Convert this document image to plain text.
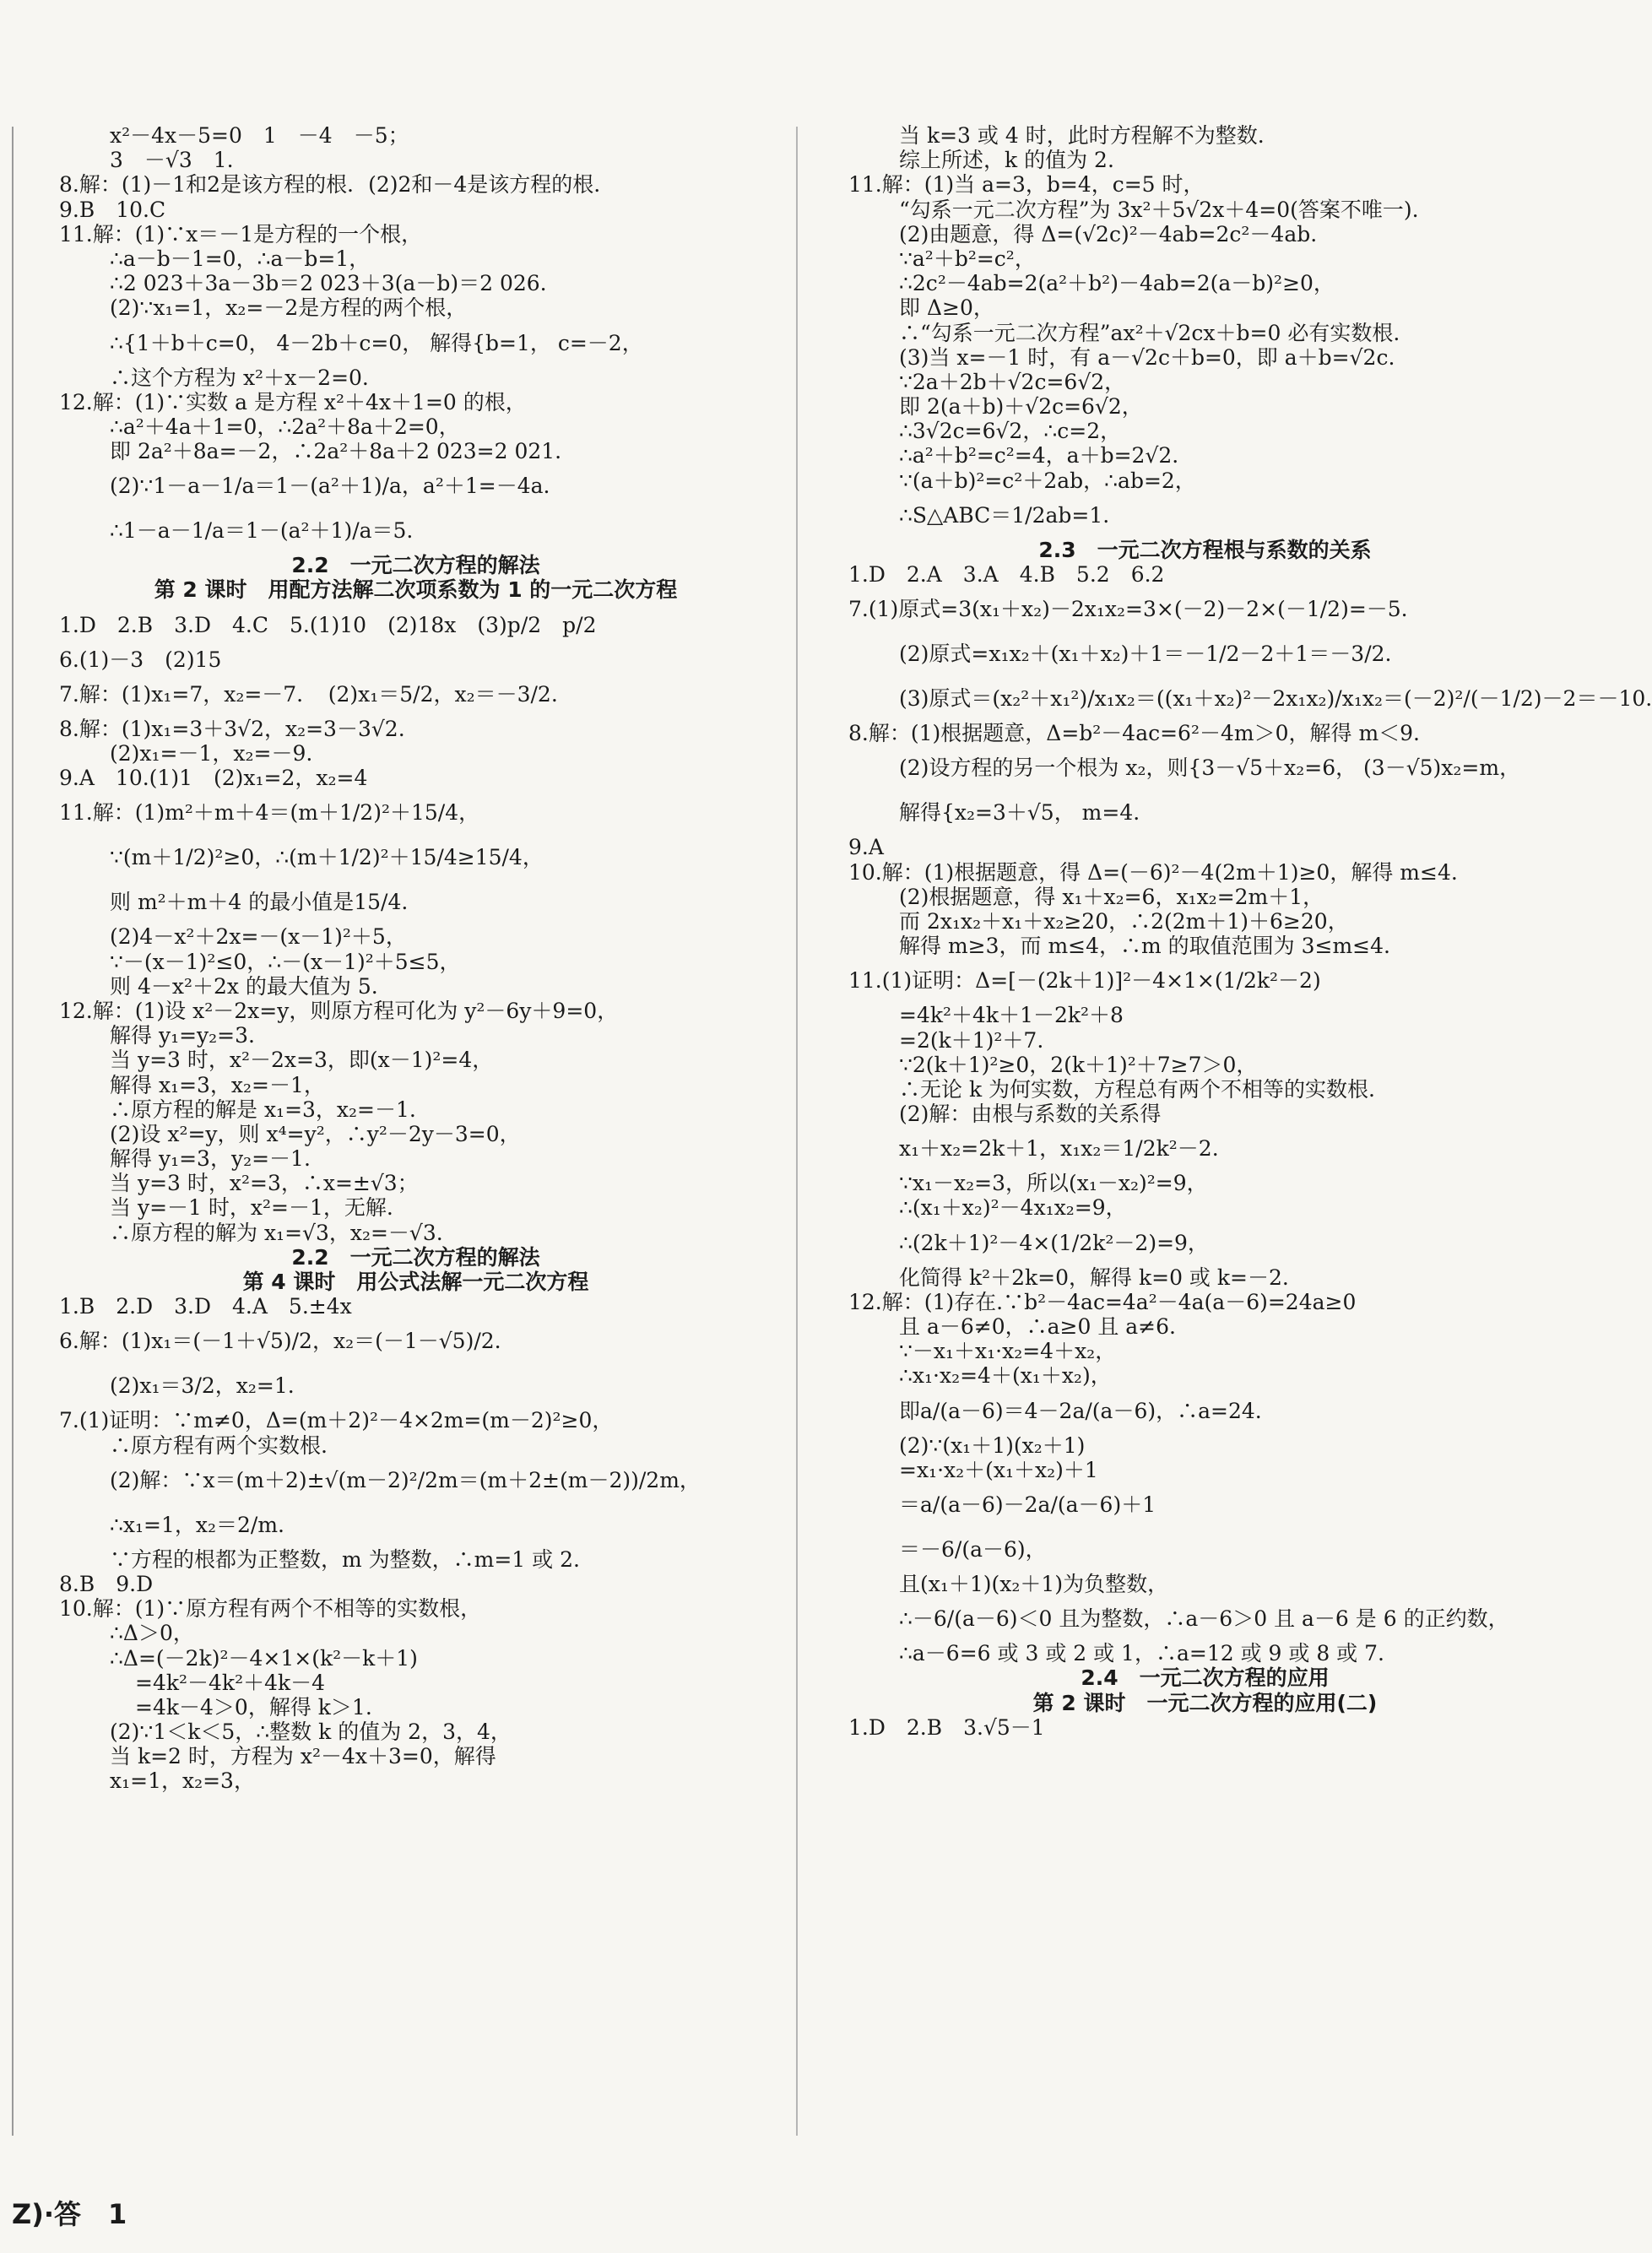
x²－4x－5=0　1　－4　－5；
3　－√3　1.
8.解：(1)－1和2是该方程的根．(2)2和－4是该方程的根.
9.B　10.C
11.解：(1)∵x＝－1是方程的一个根，
∴a－b－1=0，∴a－b=1，
∴2 023＋3a－3b＝2 023＋3(a－b)＝2 026.
(2)∵x₁=1，x₂=－2是方程的两个根，
∴{1＋b＋c=0， 4－2b＋c=0， 解得{b=1， c=－2，
∴这个方程为 x²＋x－2=0.
12.解：(1)∵实数 a 是方程 x²＋4x＋1=0 的根，
∴a²＋4a＋1=0，∴2a²＋8a＋2=0，
即 2a²＋8a=－2，∴2a²＋8a＋2 023=2 021.
(2)∵1－a－1/a＝1－(a²＋1)/a，a²＋1=－4a.
∴1－a－1/a＝1－(a²＋1)/a＝5.
2.2　一元二次方程的解法
第 2 课时　用配方法解二次项系数为 1 的一元二次方程
1.D　2.B　3.D　4.C　5.(1)10　(2)18x　(3)p/2　p/2
6.(1)－3　(2)15
7.解：(1)x₁=7，x₂=－7．　(2)x₁＝5/2，x₂＝－3/2.
8.解：(1)x₁=3＋3√2，x₂=3－3√2.
(2)x₁=－1，x₂=－9.
9.A　10.(1)1　(2)x₁=2，x₂=4
11.解：(1)m²＋m＋4＝(m＋1/2)²＋15/4，
∵(m＋1/2)²≥0，∴(m＋1/2)²＋15/4≥15/4，
则 m²＋m＋4 的最小值是15/4.
(2)4－x²＋2x=－(x－1)²＋5，
∵－(x－1)²≤0，∴－(x－1)²＋5≤5，
则 4－x²＋2x 的最大值为 5.
12.解：(1)设 x²－2x=y，则原方程可化为 y²－6y＋9=0，
解得 y₁=y₂=3.
当 y=3 时，x²－2x=3，即(x－1)²=4，
解得 x₁=3，x₂=－1，
∴原方程的解是 x₁=3，x₂=－1.
(2)设 x²=y，则 x⁴=y²，∴y²－2y－3=0，
解得 y₁=3，y₂=－1.
当 y=3 时，x²=3，∴x=±√3；
当 y=－1 时，x²=－1，无解.
∴原方程的解为 x₁=√3，x₂=－√3.
2.2　一元二次方程的解法
第 4 课时　用公式法解一元二次方程
1.B　2.D　3.D　4.A　5.±4x
6.解：(1)x₁＝(－1＋√5)/2，x₂＝(－1－√5)/2.
(2)x₁＝3/2，x₂=1.
7.(1)证明：∵m≠0，Δ=(m＋2)²－4×2m=(m－2)²≥0，
∴原方程有两个实数根.
(2)解：∵x＝(m＋2)±√(m－2)²/2m＝(m＋2±(m－2))/2m，
∴x₁=1，x₂＝2/m.
∵方程的根都为正整数，m 为整数，∴m=1 或 2.
8.B　9.D
10.解：(1)∵原方程有两个不相等的实数根，
∴Δ＞0，
∴Δ=(－2k)²－4×1×(k²－k＋1)
=4k²－4k²＋4k－4
=4k－4＞0，解得 k＞1.
(2)∵1＜k＜5，∴整数 k 的值为 2，3，4，
当 k=2 时，方程为 x²－4x＋3=0，解得
x₁=1，x₂=3，
当 k=3 或 4 时，此时方程解不为整数.
综上所述，k 的值为 2.
11.解：(1)当 a=3，b=4，c=5 时，
“勾系一元二次方程”为 3x²＋5√2x＋4=0(答案不唯一).
(2)由题意，得 Δ=(√2c)²－4ab=2c²－4ab.
∵a²＋b²=c²，
∴2c²－4ab=2(a²＋b²)－4ab=2(a－b)²≥0，
即 Δ≥0，
∴“勾系一元二次方程”ax²＋√2cx＋b=0 必有实数根.
(3)当 x=－1 时，有 a－√2c＋b=0，即 a＋b=√2c.
∵2a＋2b＋√2c=6√2，
即 2(a＋b)＋√2c=6√2，
∴3√2c=6√2，∴c=2，
∴a²＋b²=c²=4，a＋b=2√2.
∵(a＋b)²=c²＋2ab，∴ab=2，
∴S△ABC＝1/2ab=1.
2.3　一元二次方程根与系数的关系
1.D　2.A　3.A　4.B　5.2　6.2
7.(1)原式=3(x₁＋x₂)－2x₁x₂=3×(－2)－2×(－1/2)=－5.
(2)原式=x₁x₂＋(x₁＋x₂)＋1＝－1/2－2＋1＝－3/2.
(3)原式＝(x₂²＋x₁²)/x₁x₂＝((x₁＋x₂)²－2x₁x₂)/x₁x₂＝(－2)²/(－1/2)－2＝－10.
8.解：(1)根据题意，Δ=b²－4ac=6²－4m＞0，解得 m＜9.
(2)设方程的另一个根为 x₂，则{3－√5＋x₂=6， (3－√5)x₂=m，
解得{x₂=3＋√5， m=4.
9.A
10.解：(1)根据题意，得 Δ=(－6)²－4(2m＋1)≥0，解得 m≤4.
(2)根据题意，得 x₁＋x₂=6，x₁x₂=2m＋1，
而 2x₁x₂＋x₁＋x₂≥20，∴2(2m＋1)＋6≥20，
解得 m≥3，而 m≤4，∴m 的取值范围为 3≤m≤4.
11.(1)证明：Δ=[－(2k＋1)]²－4×1×(1/2k²－2)
=4k²＋4k＋1－2k²＋8
=2(k＋1)²＋7.
∵2(k＋1)²≥0，2(k＋1)²＋7≥7＞0，
∴无论 k 为何实数，方程总有两个不相等的实数根.
(2)解：由根与系数的关系得
x₁＋x₂=2k＋1，x₁x₂＝1/2k²－2.
∵x₁－x₂=3，所以(x₁－x₂)²=9，
∴(x₁＋x₂)²－4x₁x₂=9，
∴(2k＋1)²－4×(1/2k²－2)=9，
化简得 k²＋2k=0，解得 k=0 或 k=－2.
12.解：(1)存在.∵b²－4ac=4a²－4a(a－6)=24a≥0
且 a－6≠0，∴a≥0 且 a≠6.
∵－x₁＋x₁·x₂=4＋x₂，
∴x₁·x₂=4＋(x₁＋x₂)，
即a/(a－6)＝4－2a/(a－6)，∴a=24.
(2)∵(x₁＋1)(x₂＋1)
=x₁·x₂＋(x₁＋x₂)＋1
＝a/(a－6)－2a/(a－6)＋1
＝－6/(a－6)，
且(x₁＋1)(x₂＋1)为负整数，
∴－6/(a－6)＜0 且为整数，∴a－6＞0 且 a－6 是 6 的正约数，
∴a－6=6 或 3 或 2 或 1，∴a=12 或 9 或 8 或 7.
2.4　一元二次方程的应用
第 2 课时　一元二次方程的应用(二)
1.D　2.B　3.√5－1
Z)·答　1
